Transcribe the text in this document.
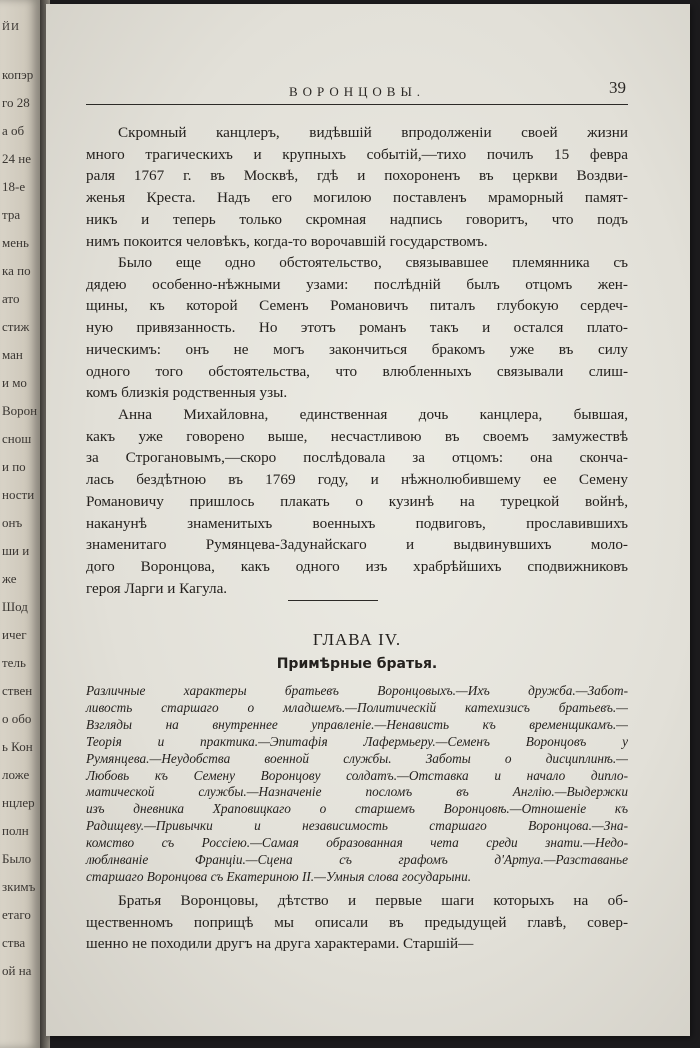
ЙИ
копэр
го 28
а об
24 не
18-е
тра
мень
ка по
ато
стиж
ман
и мо
Ворон
снош
и по
ности
онъ
ши и
же
Шод
ичег
тель
ствен
о обо
ь Кон
ложе
нцлер
полн
Было
зкимъ
етаго
ства
ой на
ВОРОНЦОВЫ.	39

Скромный канцлеръ, видѣвшій впродолженіи своей жизни

много трагическихъ и крупныхъ событій,—тихо почилъ 15 февра

раля 1767 г. въ Москвѣ, гдѣ и похороненъ въ церкви Воздви-

женья Креста. Надъ его могилою поставленъ мраморный памят-

никъ и теперь только скромная надпись говоритъ, что подъ

нимъ покоится человѣкъ, когда-то ворочавшій государствомъ.

Было еще одно обстоятельство, связывавшее племянника съ

дядею особенно-нѣжными узами: послѣдній былъ отцомъ жен-

щины, къ которой Семенъ Романовичъ питалъ глубокую сердеч-

ную привязанность. Но этотъ романъ такъ и остался плато-

ническимъ: онъ не могъ закончиться бракомъ уже въ силу

одного того обстоятельства, что влюбленныхъ связывали слиш-

комъ близкія родственныя узы.

Анна Михайловна, единственная дочь канцлера, бывшая,

какъ уже говорено выше, несчастливою въ своемъ замужествѣ

за Строгановымъ,—скоро послѣдовала за отцомъ: она скончa-

лась бездѣтною въ 1769 году, и нѣжнолюбившему ее Семену

Романовичу пришлось плакать о кузинѣ на турецкой войнѣ,

наканунѣ знаменитыхъ военныхъ подвиговъ, прославившихъ

знаменитаго Румянцева-Задунайскаго и выдвинувшихъ моло-

дого Воронцова, какъ одного изъ храбрѣйшихъ сподвижниковъ

героя Ларги и Кагула.

ГЛАВА IV.
Примѣрные братья.

Различные характеры братьевъ Воронцовыхъ.—Ихъ дружба.—Забот-

ливость старшаго о младшемъ.—Политическій катехизисъ братьевъ.—

Взгляды на внутреннее управленіе.—Ненависть къ временщикамъ.—

Теорія и практика.—Эпитафія Лафермьеру.—Семенъ Воронцовъ у

Румянцева.—Неудобства военной службы. Заботы о дисциплинѣ.—

Любовь къ Семену Воронцову солдатъ.—Отставка и начало дипло-

матической службы.—Назначеніе посломъ въ Англію.—Выдержки

изъ дневника Храповицкаго о старшемъ Воронцовѣ.—Отношеніе къ

Радищеву.—Привычки и независимость старшаго Воронцова.—Зна-

комство съ Россіею.—Самая образованная чета среди знати.—Недо-

люблнваніе Франціи.—Сцена съ графомъ д'Артуа.—Разставанье

старшаго Воронцова съ Екатериною II.—Умныя слова государыни.

Братья Воронцовы, дѣтство и первые шаги которыхъ на об-

щественномъ поприщѣ мы описали въ предыдущей главѣ, совер-

шенно не походили другъ на друга характерами. Старшій—
